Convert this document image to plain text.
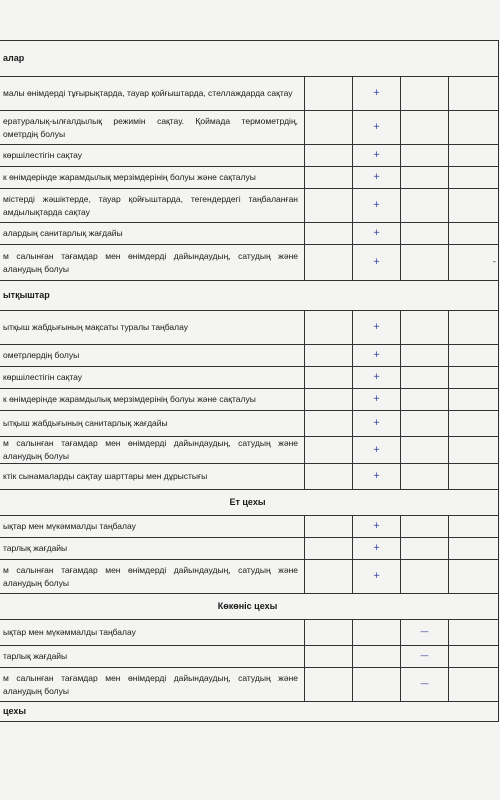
алар				
малы өнімдерді тұғырықтарда, тауар қойғыштарда, стеллаждарда сақтау		+		
ературалық-ылғалдылық режимін сақтау. Қоймада термометрдің, ометрдің болуы		+		
көршілестігін сақтау		+		
к өнімдерінде жарамдылық мерзімдерінің болуы және сақталуы		+		
містерді жәшіктерде, тауар қойғыштарда, тегендердегі таңбаланған амдылықтарда сақтау		+		
алардың санитарлық жағдайы		+		
м салынған тағамдар мен өнімдерді дайындаудың, сатудың және аланудың болуы		+		-
ытқыштар				
ытқыш жабдығының мақсаты туралы таңбалау		+		
ометрлердің болуы		+		
көршілестігін сақтау		+		
к өнімдерінде жарамдылық мерзімдерінің болуы және сақталуы		+		
ытқыш жабдығының санитарлық жағдайы		+		
м салынған тағамдар мен өнімдерді дайындаудың, сатудың және аланудың болуы		+		
ктік сынамаларды сақтау шарттары мен дұрыстығы		+		
Ет цехы				
ықтар мен мүкәммалды таңбалау		+		
тарлық жағдайы		+		
м салынған тағамдар мен өнімдерді дайындаудың, сатудың және аланудың болуы		+		
Көкөніс цехы				
ықтар мен мүкәммалды таңбалау			—	
тарлық жағдайы			—	
м салынған тағамдар мен өнімдерді дайындаудың, сатудың және аланудың болуы			—	
цехы				
